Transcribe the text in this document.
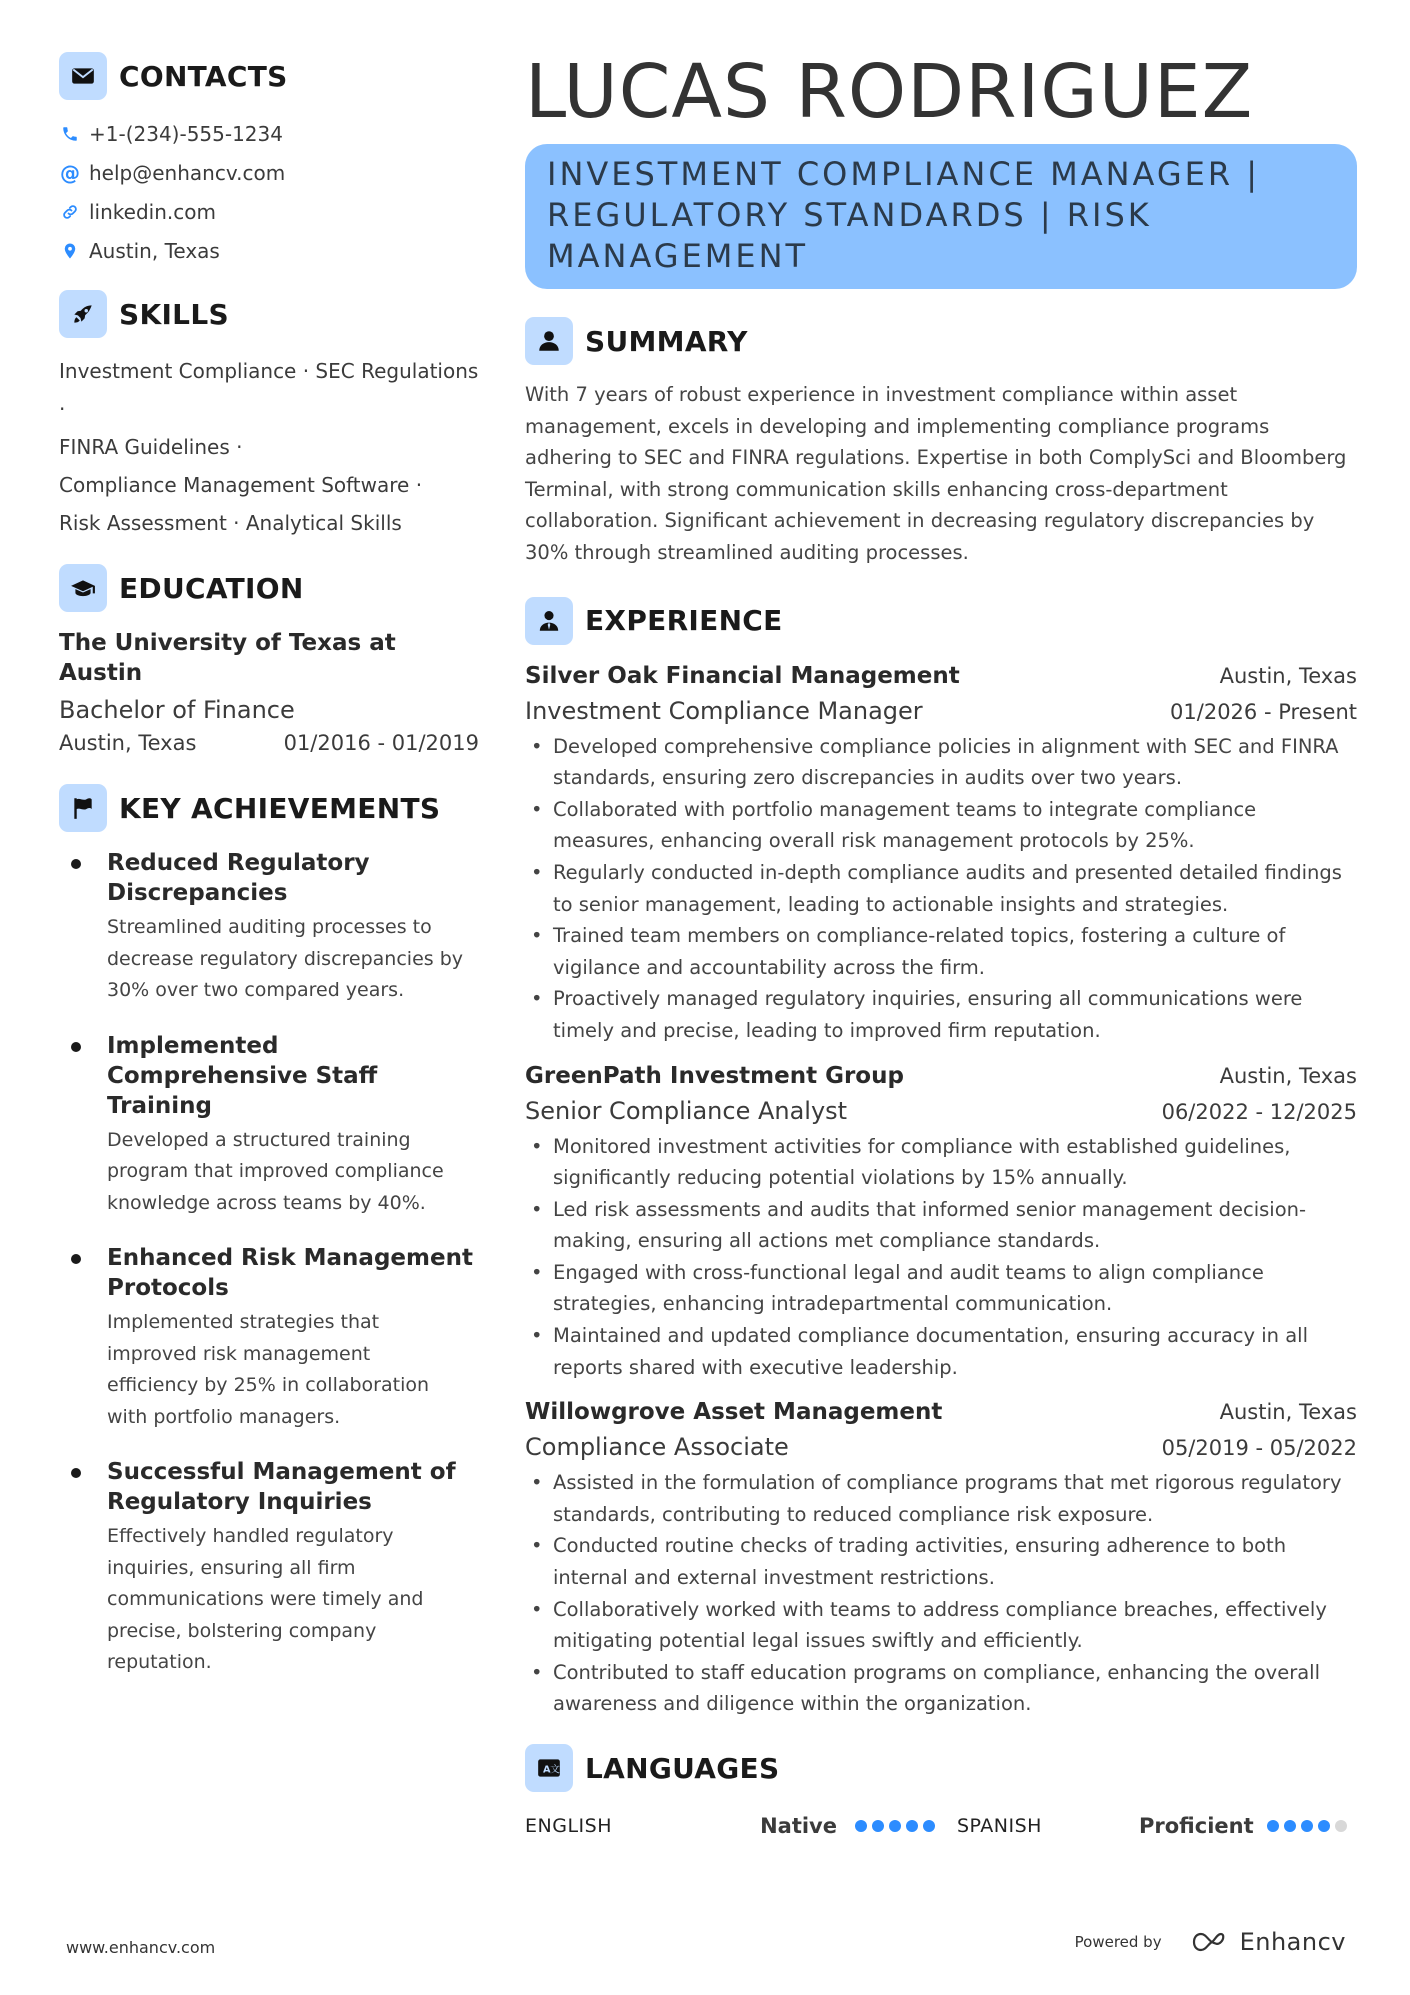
CONTACTS
+1-(234)-555-1234
@ help@enhancv.com
linkedin.com
Austin, Texas
SKILLS
Investment Compliance · SEC Regulations ·
FINRA Guidelines ·
Compliance Management Software ·
Risk Assessment · Analytical Skills
EDUCATION
The University of Texas at Austin
Bachelor of Finance
Austin, Texas	01/2016 - 01/2019
KEY ACHIEVEMENTS
Reduced Regulatory Discrepancies
Streamlined auditing processes to decrease regulatory discrepancies by 30% over two compared years.
Implemented Comprehensive Staff Training
Developed a structured training program that improved compliance knowledge across teams by 40%.
Enhanced Risk Management Protocols
Implemented strategies that improved risk management efficiency by 25% in collaboration with portfolio managers.
Successful Management of Regulatory Inquiries
Effectively handled regulatory inquiries, ensuring all firm communications were timely and precise, bolstering company reputation.
LUCAS RODRIGUEZ
INVESTMENT COMPLIANCE MANAGER | REGULATORY STANDARDS | RISK MANAGEMENT
SUMMARY
With 7 years of robust experience in investment compliance within asset management, excels in developing and implementing compliance programs adhering to SEC and FINRA regulations. Expertise in both ComplySci and Bloomberg Terminal, with strong communication skills enhancing cross-department collaboration. Significant achievement in decreasing regulatory discrepancies by 30% through streamlined auditing processes.
EXPERIENCE
Silver Oak Financial Management	Austin, Texas
Investment Compliance Manager	01/2026 - Present
• Developed comprehensive compliance policies in alignment with SEC and FINRA standards, ensuring zero discrepancies in audits over two years.
• Collaborated with portfolio management teams to integrate compliance measures, enhancing overall risk management protocols by 25%.
• Regularly conducted in-depth compliance audits and presented detailed findings to senior management, leading to actionable insights and strategies.
• Trained team members on compliance-related topics, fostering a culture of vigilance and accountability across the firm.
• Proactively managed regulatory inquiries, ensuring all communications were timely and precise, leading to improved firm reputation.
GreenPath Investment Group	Austin, Texas
Senior Compliance Analyst	06/2022 - 12/2025
• Monitored investment activities for compliance with established guidelines, significantly reducing potential violations by 15% annually.
• Led risk assessments and audits that informed senior management decision-making, ensuring all actions met compliance standards.
• Engaged with cross-functional legal and audit teams to align compliance strategies, enhancing intradepartmental communication.
• Maintained and updated compliance documentation, ensuring accuracy in all reports shared with executive leadership.
Willowgrove Asset Management	Austin, Texas
Compliance Associate	05/2019 - 05/2022
• Assisted in the formulation of compliance programs that met rigorous regulatory standards, contributing to reduced compliance risk exposure.
• Conducted routine checks of trading activities, ensuring adherence to both internal and external investment restrictions.
• Collaboratively worked with teams to address compliance breaches, effectively mitigating potential legal issues swiftly and efficiently.
• Contributed to staff education programs on compliance, enhancing the overall awareness and diligence within the organization.
A 文 LANGUAGES
ENGLISH	Native	SPANISH	Proficient
www.enhancv.com	Powered by	Enhancv
